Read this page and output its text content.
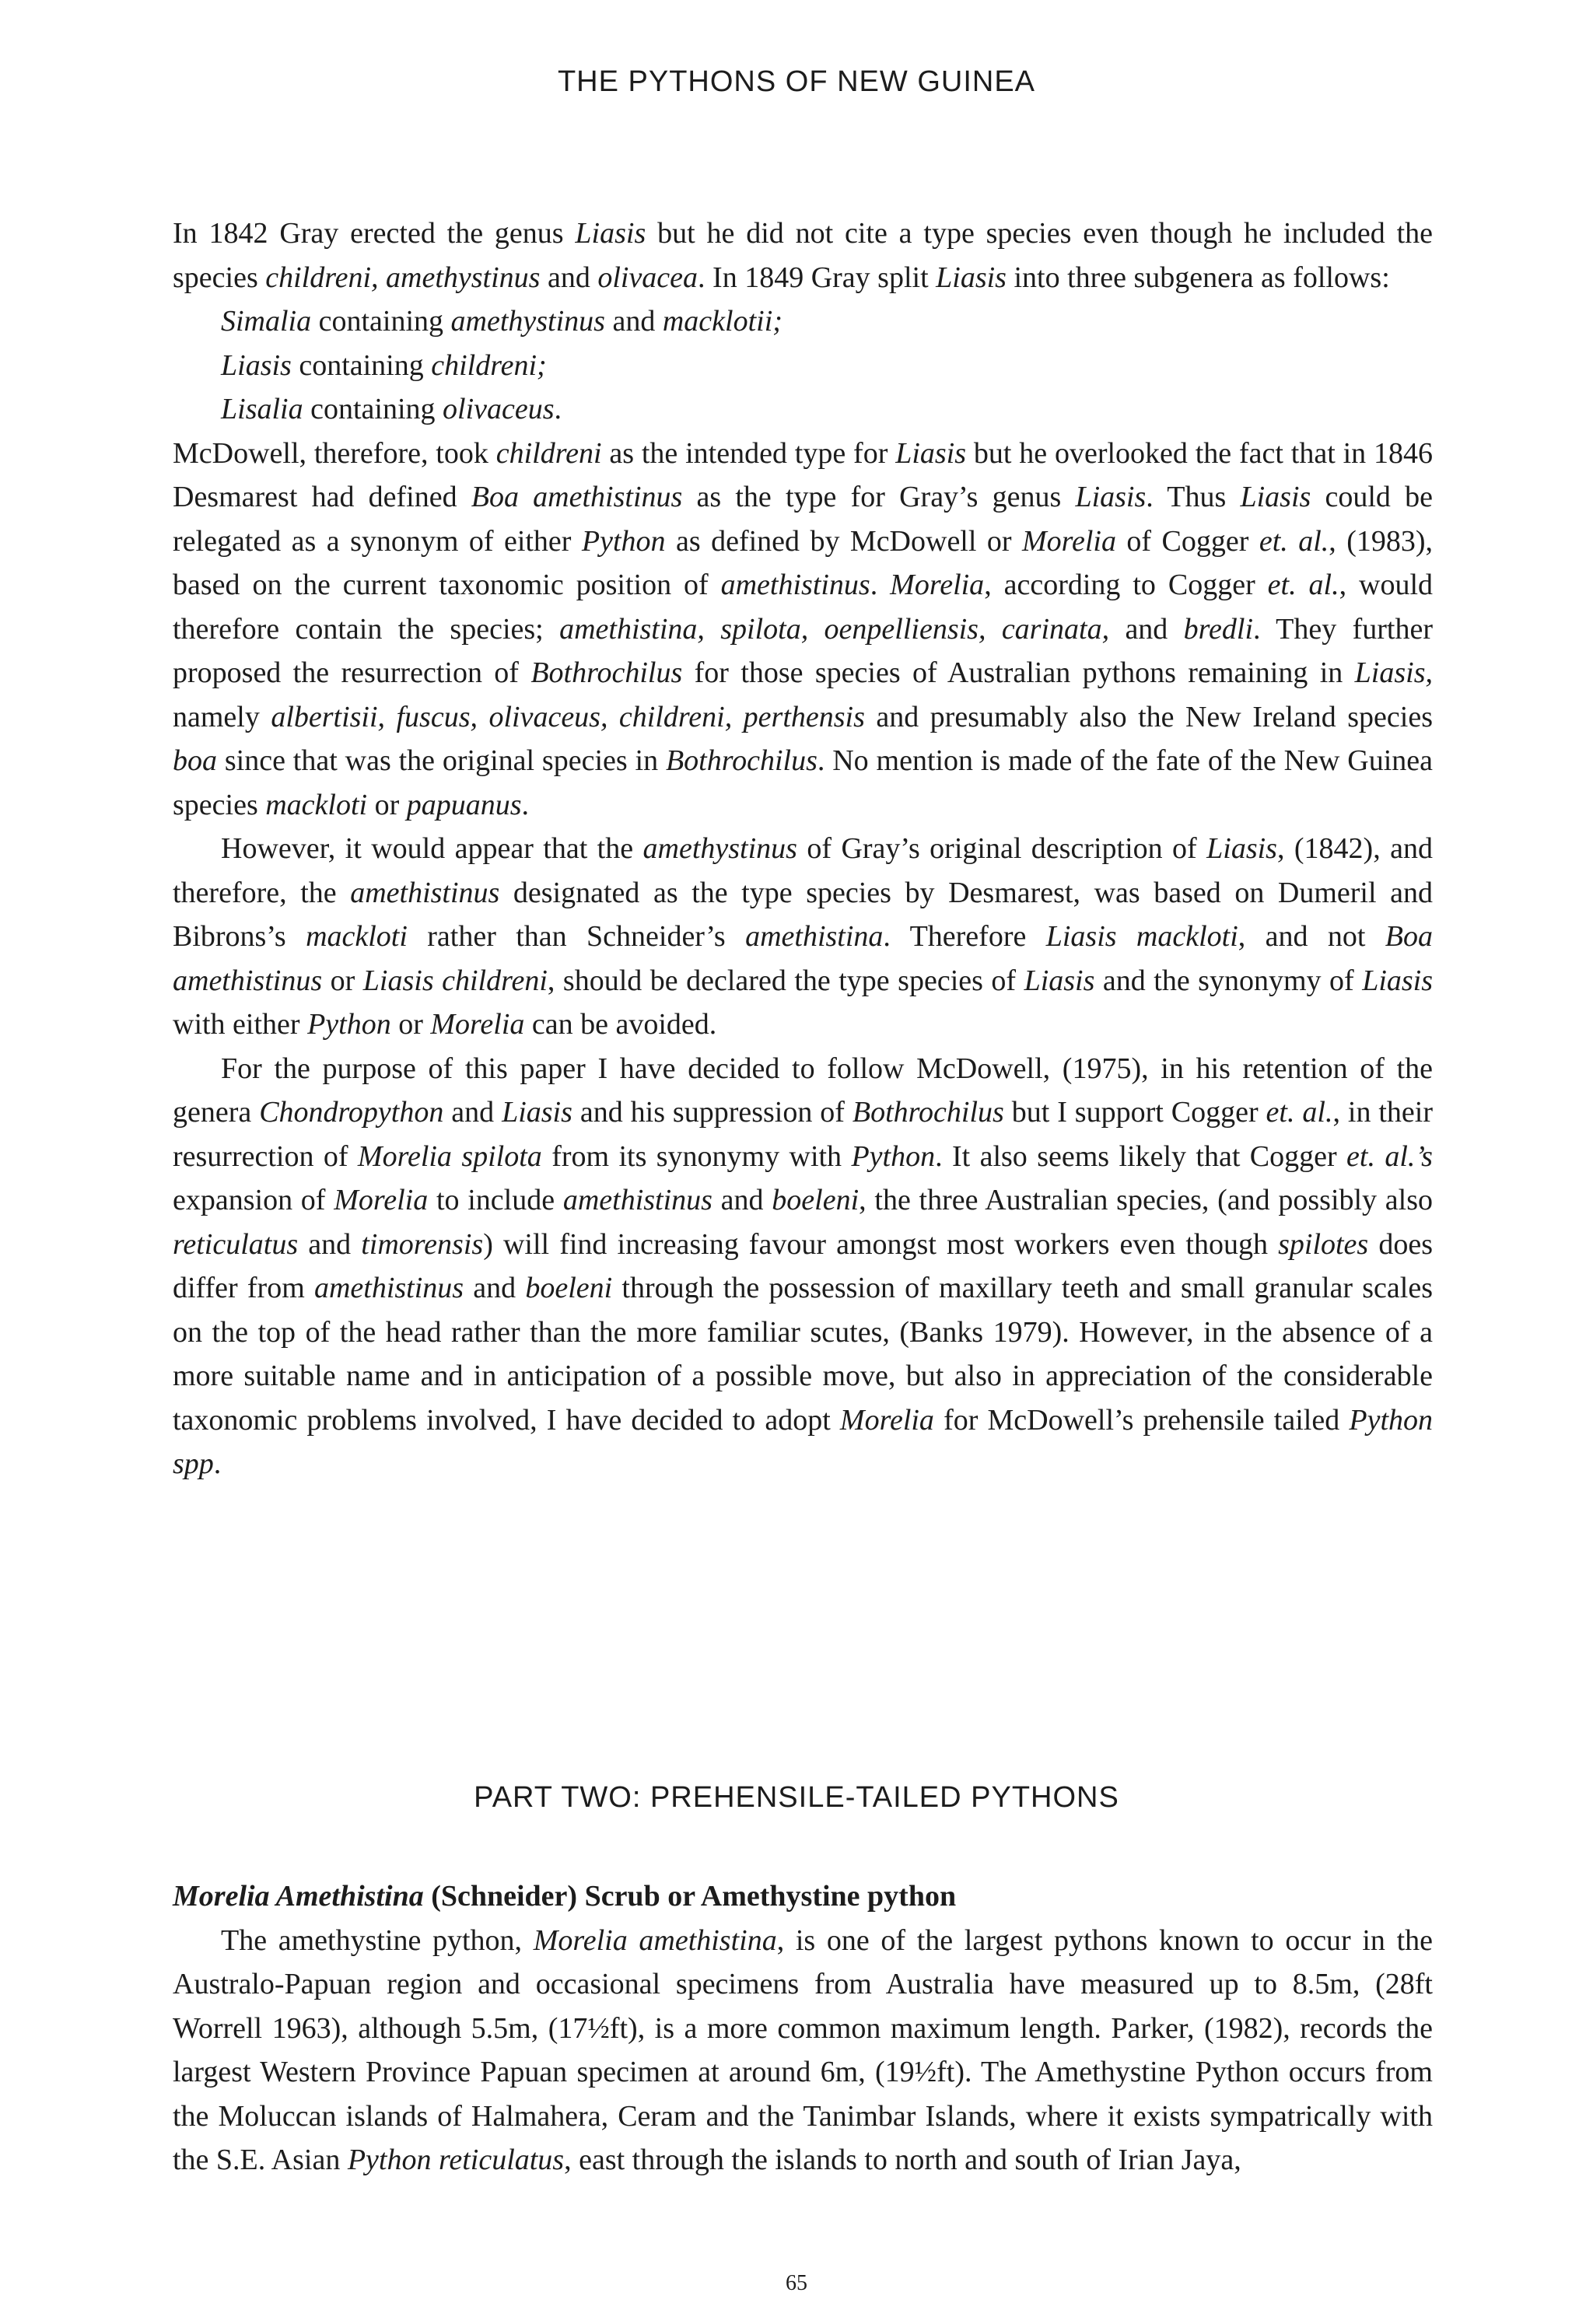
THE PYTHONS OF NEW GUINEA

In 1842 Gray erected the genus Liasis but he did not cite a type species even though he included the species childreni, amethystinus and olivacea. In 1849 Gray split Liasis into three subgenera as follows:

Simalia containing amethystinus and macklotii;

Liasis containing childreni;

Lisalia containing olivaceus.

McDowell, therefore, took childreni as the intended type for Liasis but he overlooked the fact that in 1846 Desmarest had defined Boa amethistinus as the type for Gray’s genus Liasis. Thus Liasis could be relegated as a synonym of either Python as defined by McDowell or Morelia of Cogger et. al., (1983), based on the current taxonomic position of amethistinus. Morelia, according to Cogger et. al., would therefore contain the species; amethistina, spilota, oenpelliensis, carinata, and bredli. They further proposed the resurrection of Bothrochilus for those species of Australian pythons remaining in Liasis, namely albertisii, fuscus, olivaceus, childreni, perthensis and presumably also the New Ireland species boa since that was the original species in Bothrochilus. No mention is made of the fate of the New Guinea species mackloti or papuanus.

However, it would appear that the amethystinus of Gray’s original description of Liasis, (1842), and therefore, the amethistinus designated as the type species by Desmarest, was based on Dumeril and Bibrons’s mackloti rather than Schneider’s amethistina. Therefore Liasis mackloti, and not Boa amethistinus or Liasis childreni, should be declared the type species of Liasis and the synonymy of Liasis with either Python or Morelia can be avoided.

For the purpose of this paper I have decided to follow McDowell, (1975), in his retention of the genera Chondropython and Liasis and his suppression of Bothrochilus but I support Cogger et. al., in their resurrection of Morelia spilota from its synonymy with Python. It also seems likely that Cogger et. al.’s expansion of Morelia to include amethistinus and boeleni, the three Australian species, (and possibly also reticulatus and timorensis) will find increasing favour amongst most workers even though spilotes does differ from amethistinus and boeleni through the possession of maxillary teeth and small granular scales on the top of the head rather than the more familiar scutes, (Banks 1979). However, in the absence of a more suitable name and in anticipation of a possible move, but also in appreciation of the considerable taxonomic problems involved, I have decided to adopt Morelia for McDowell’s prehensile tailed Python spp.

PART TWO: PREHENSILE-TAILED PYTHONS

Morelia Amethistina (Schneider) Scrub or Amethystine python

The amethystine python, Morelia amethistina, is one of the largest pythons known to occur in the Australo-Papuan region and occasional specimens from Australia have measured up to 8.5m, (28ft Worrell 1963), although 5.5m, (17½ft), is a more common maximum length. Parker, (1982), records the largest Western Province Papuan specimen at around 6m, (19½ft). The Amethystine Python occurs from the Moluccan islands of Halmahera, Ceram and the Tanimbar Islands, where it exists sympatrically with the S.E. Asian Python reticulatus, east through the islands to north and south of Irian Jaya,

65
